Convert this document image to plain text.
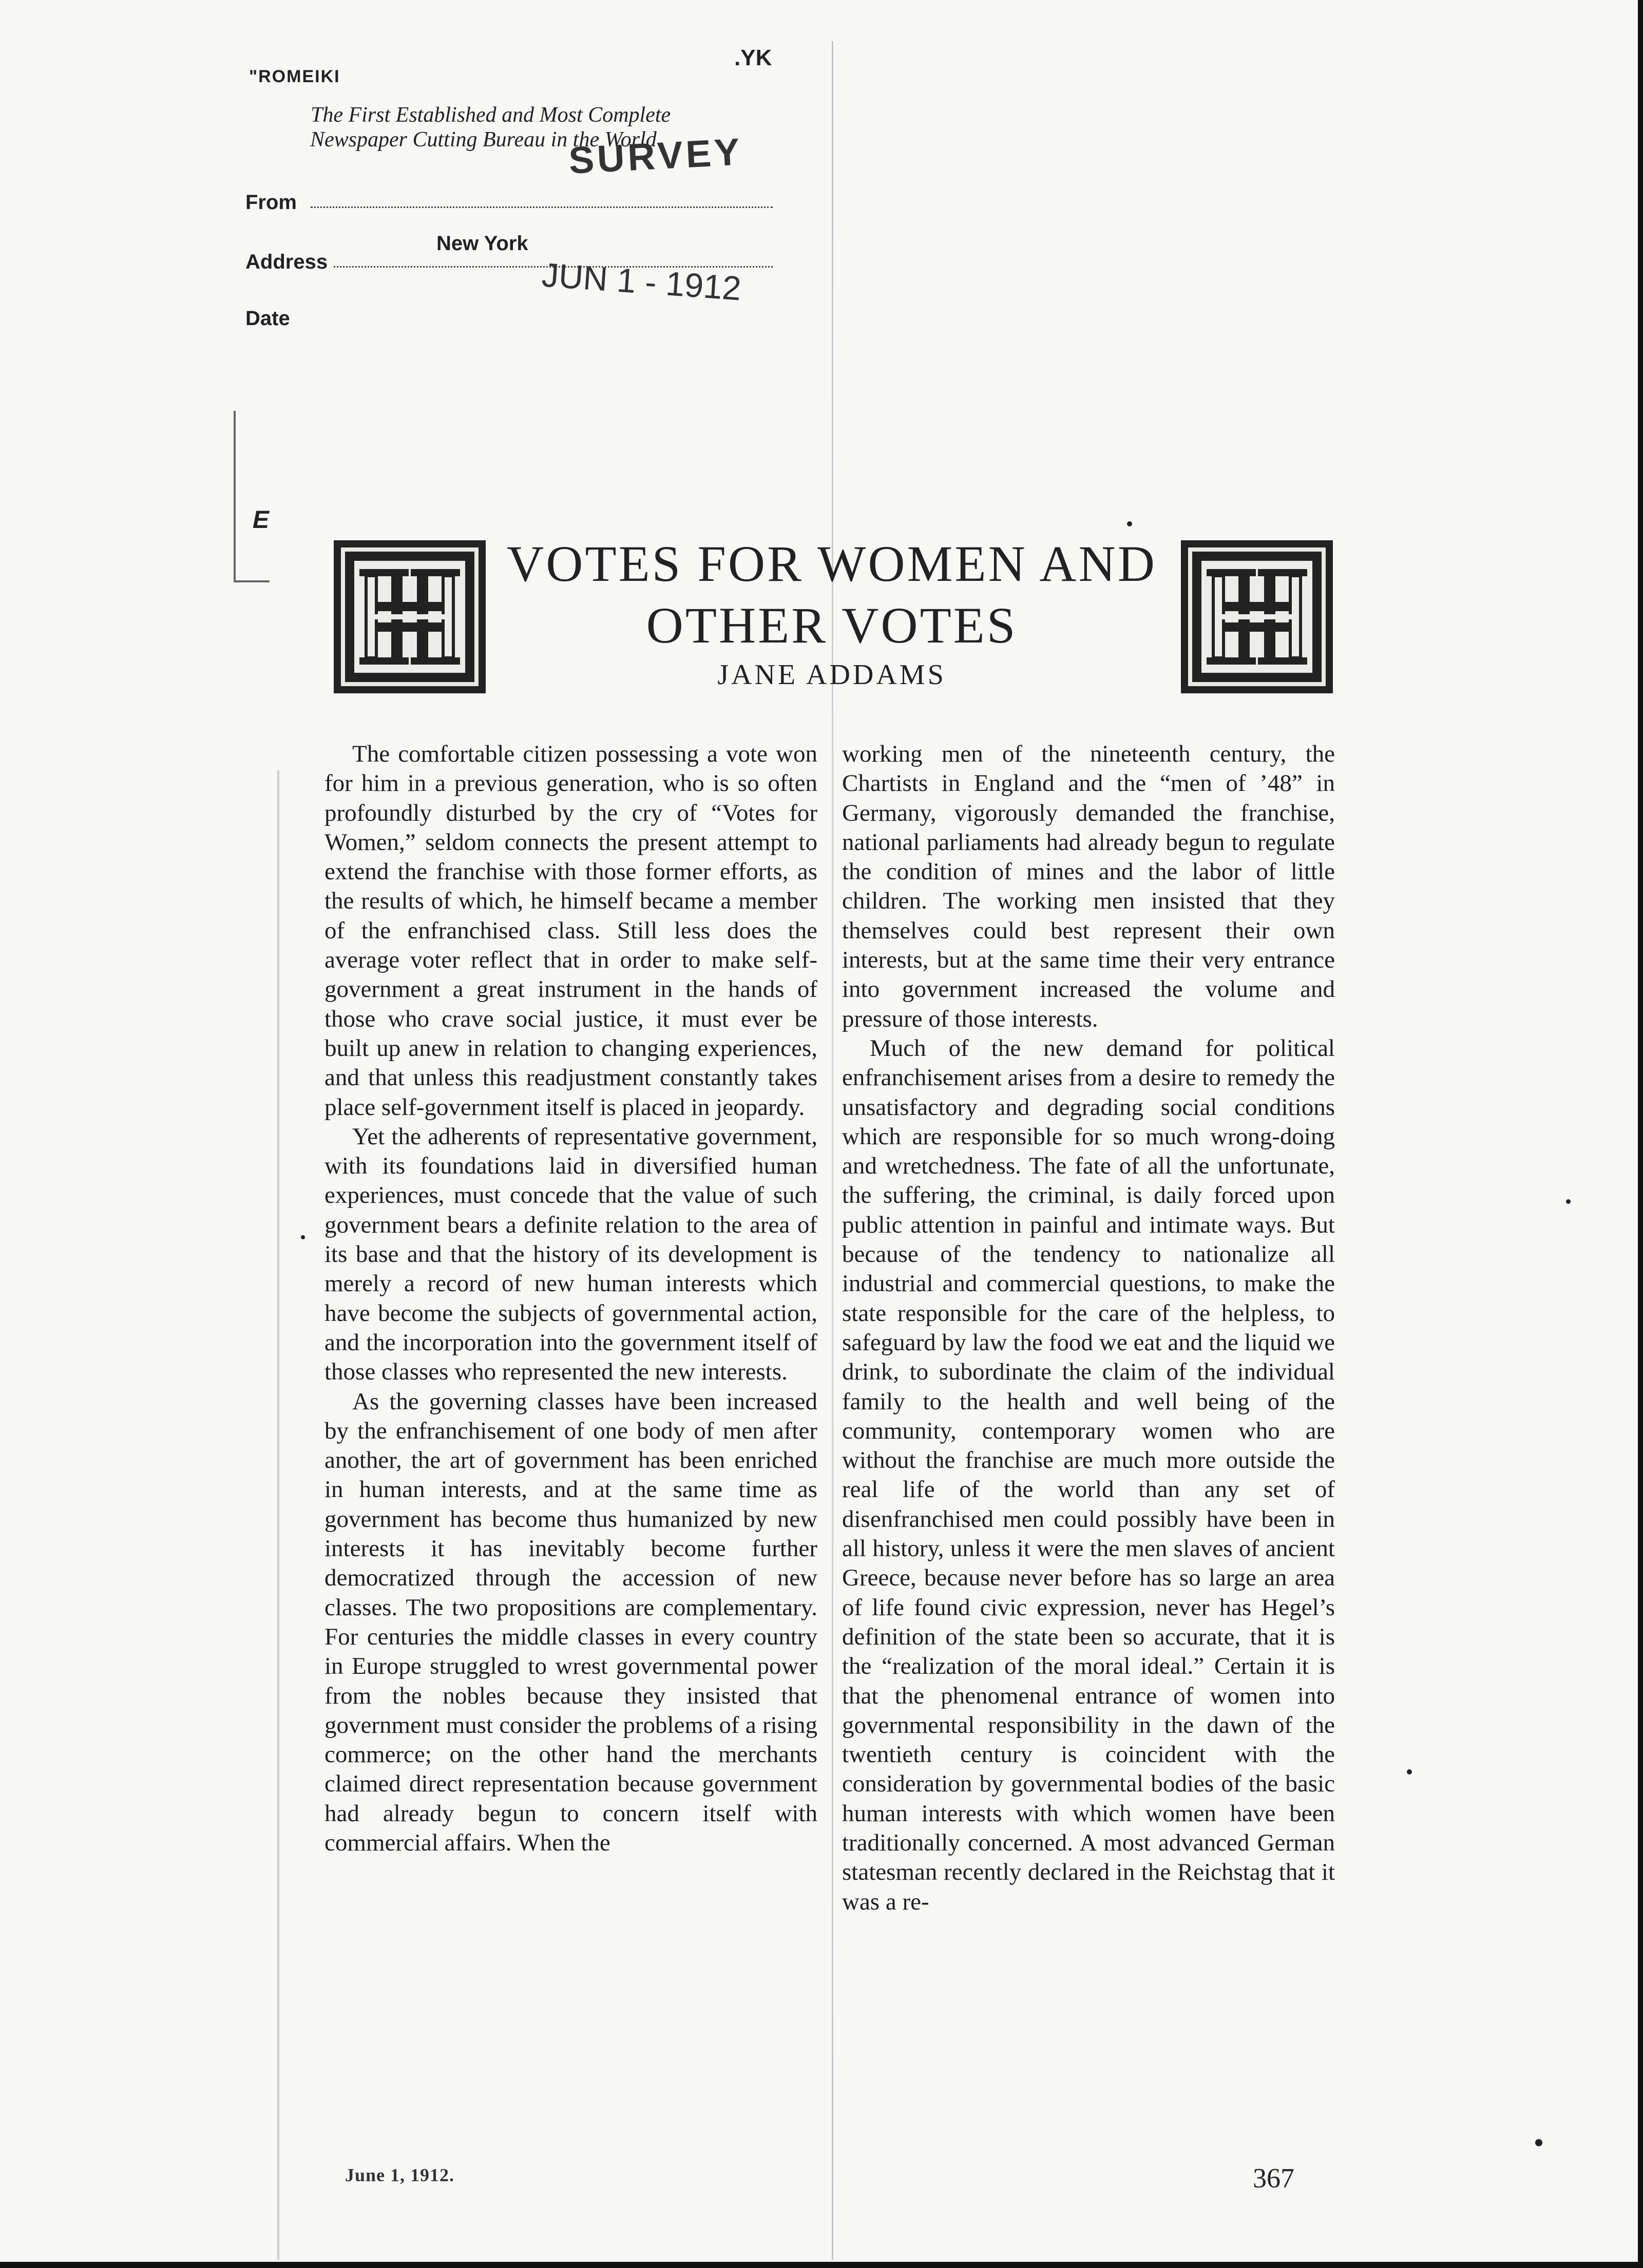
"ROMEIKI
.YK
The First Established and Most Complete
Newspaper Cutting Bureau in the World
From
SURVEY
New York
Address	JUN 1 - 1912
Date
E
VOTES FOR WOMEN AND
OTHER VOTES
JANE ADDAMS

The comfortable citizen possessing a vote won for him in a previous generation, who is so often profoundly disturbed by the cry of “Votes for Women,” seldom connects the present attempt to extend the franchise with those former efforts, as the results of which, he himself became a member of the enfranchised class. Still less does the average voter reflect that in order to make self-government a great instrument in the hands of those who crave social justice, it must ever be built up anew in relation to changing experiences, and that unless this readjustment constantly takes place self-government itself is placed in jeopardy.

Yet the adherents of representative government, with its foundations laid in diversified human experiences, must concede that the value of such government bears a definite relation to the area of its base and that the history of its development is merely a record of new human interests which have become the subjects of governmental action, and the incorporation into the government itself of those classes who represented the new interests.

As the governing classes have been increased by the enfranchisement of one body of men after another, the art of government has been enriched in human interests, and at the same time as government has become thus humanized by new interests it has inevitably become further democratized through the accession of new classes. The two propositions are complementary. For centuries the middle classes in every country in Europe struggled to wrest governmental power from the nobles because they insisted that government must consider the problems of a rising commerce; on the other hand the merchants claimed direct representation because government had already begun to concern itself with commercial affairs. When the

working men of the nineteenth century, the Chartists in England and the “men of ’48” in Germany, vigorously demanded the franchise, national parliaments had already begun to regulate the condition of mines and the labor of little children. The working men insisted that they themselves could best represent their own interests, but at the same time their very entrance into government increased the volume and pressure of those interests.

Much of the new demand for political enfranchisement arises from a desire to remedy the unsatisfactory and degrading social conditions which are responsible for so much wrong-doing and wretchedness. The fate of all the unfortunate, the suffering, the criminal, is daily forced upon public attention in painful and intimate ways. But because of the tendency to nationalize all industrial and commercial questions, to make the state responsible for the care of the helpless, to safeguard by law the food we eat and the liquid we drink, to subordinate the claim of the individual family to the health and well being of the community, contemporary women who are without the franchise are much more outside the real life of the world than any set of disenfranchised men could possibly have been in all history, unless it were the men slaves of ancient Greece, because never before has so large an area of life found civic expression, never has Hegel’s definition of the state been so accurate, that it is the “realization of the moral ideal.” Certain it is that the phenomenal entrance of women into governmental responsibility in the dawn of the twentieth century is coincident with the consideration by governmental bodies of the basic human interests with which women have been traditionally concerned. A most advanced German statesman recently declared in the Reichstag that it was a re-

June 1, 1912.	367
